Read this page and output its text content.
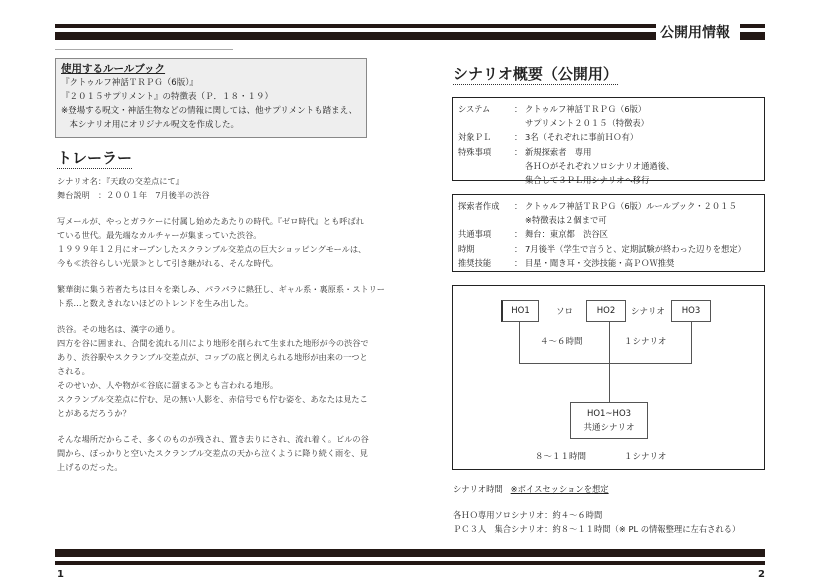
公開用情報
使用するルールブック
『クトゥルフ神話ＴＲＰＧ（6版）』
『２０１５サプリメント』の特徴表（Ｐ．１８・１９）
※登場する呪文・神話生物などの情報に関しては、他サプリメントも踏まえ、
　本シナリオ用にオリジナル呪文を作成した。
トレーラー

シナリオ名：『天政の交差点にて』

舞台説明　：２００１年　7月後半の渋谷

写メールが、やっとガラケーに付属し始めたあたりの時代。『ゼロ時代』とも呼ばれ

ている世代。最先端なカルチャーが集まっていた渋谷。

１９９９年１２月にオープンしたスクランブル交差点の巨大ショッピングモールは、

今も≪渋谷らしい光景≫として引き継がれる、そんな時代。

繁華街に集う若者たちは日々を楽しみ、パラパラに熱狂し、ギャル系・裏原系・ストリー

ト系…と数えきれないほどのトレンドを生み出した。

渋谷。その地名は、漢字の通り。

四方を谷に囲まれ、合間を流れる川により地形を削られて生まれた地形が今の渋谷で

あり、渋谷駅やスクランブル交差点が、コップの底と例えられる地形が由来の一つと

される。

そのせいか、人や物が≪谷底に溜まる≫とも言われる地形。

スクランブル交差点に佇む、足の無い人影を、赤信号でも佇む姿を、あなたは見たこ

とがあるだろうか？

そんな場所だからこそ、多くのものが残され、置き去りにされ、流れ着く。ビルの谷

間から、ぽっかりと空いたスクランブル交差点の天から泣くように降り続く雨を、見

上げるのだった。

シナリオ概要（公開用）
システム	： クトゥルフ神話ＴＲＰＧ（6版）
サプリメント２０１５（特徴表）
対象ＰＬ	： 3名（それぞれに事前ＨＯ有）
特殊事項	： 新規探索者　専用
各ＨＯがそれぞれソロシナリオ通過後、
集合して３ＰＬ用シナリオへ移行
探索者作成	： クトゥルフ神話ＴＲＰＧ（6版）ルールブック・２０１５
※特徴表は２個まで可
共通事項	： 舞台：東京都　渋谷区
時期	： 7月後半（学生で言うと、定期試験が終わった辺りを想定）
推奨技能	： 目星・聞き耳・交渉技能・高ＰＯＷ推奨
HO1	HO2	HO3
ソロ	シナリオ
４～６時間	１シナリオ
HO1~HO3
共通シナリオ
８～１１時間	１シナリオ
シナリオ時間 ※ボイスセッションを想定
各ＨＯ専用ソロシナリオ：約４～６時間
ＰＣ３人　集合シナリオ：約８～１１時間（※ PL の情報整理に左右される）
1	2
